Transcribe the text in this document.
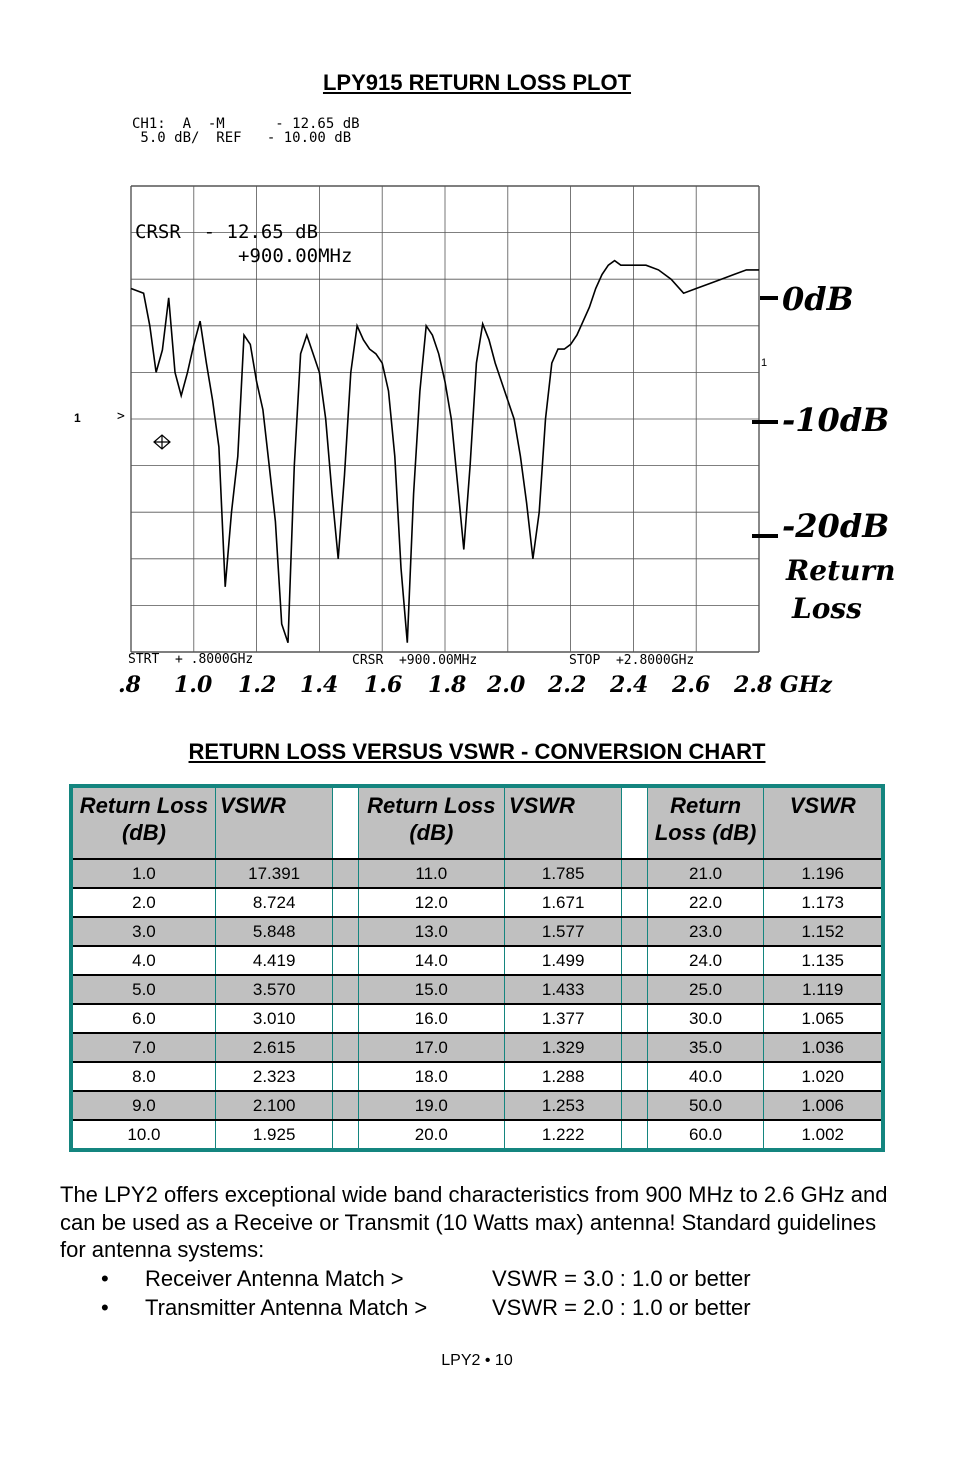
LPY915 RETURN LOSS PLOT
CH1:  A  -M      - 12.65 dB
5.0 dB/  REF   - 10.00 dB
CRSR  - 12.65 dB
+900.00MHz
1	>
1
STRT  + .8000GHz	CRSR  +900.00MHz	STOP  +2.8000GHz
0dB
-10dB
-20dB
Return
Loss
.8 1.0 1.2 1.4 1.6 1.8 2.0 2.2 2.4 2.6 2.8 GHz
RETURN LOSS VERSUS VSWR - CONVERSION CHART
Return Loss (dB)	VSWR		Return Loss (dB)	VSWR		Return Loss (dB)	VSWR
1.0	17.391		11.0	1.785		21.0	1.196
2.0	8.724		12.0	1.671		22.0	1.173
3.0	5.848		13.0	1.577		23.0	1.152
4.0	4.419		14.0	1.499		24.0	1.135
5.0	3.570		15.0	1.433		25.0	1.119
6.0	3.010		16.0	1.377		30.0	1.065
7.0	2.615		17.0	1.329		35.0	1.036
8.0	2.323		18.0	1.288		40.0	1.020
9.0	2.100		19.0	1.253		50.0	1.006
10.0	1.925		20.0	1.222		60.0	1.002
The LPY2 offers exceptional wide band characteristics from 900 MHz to 2.6 GHz and can be used as a Receive or Transmit (10 Watts max) antenna! Standard guidelines for antenna systems:
• Receiver Antenna Match >	VSWR = 3.0 : 1.0 or better
• Transmitter Antenna Match >	VSWR = 2.0 : 1.0 or better
LPY2 • 10
